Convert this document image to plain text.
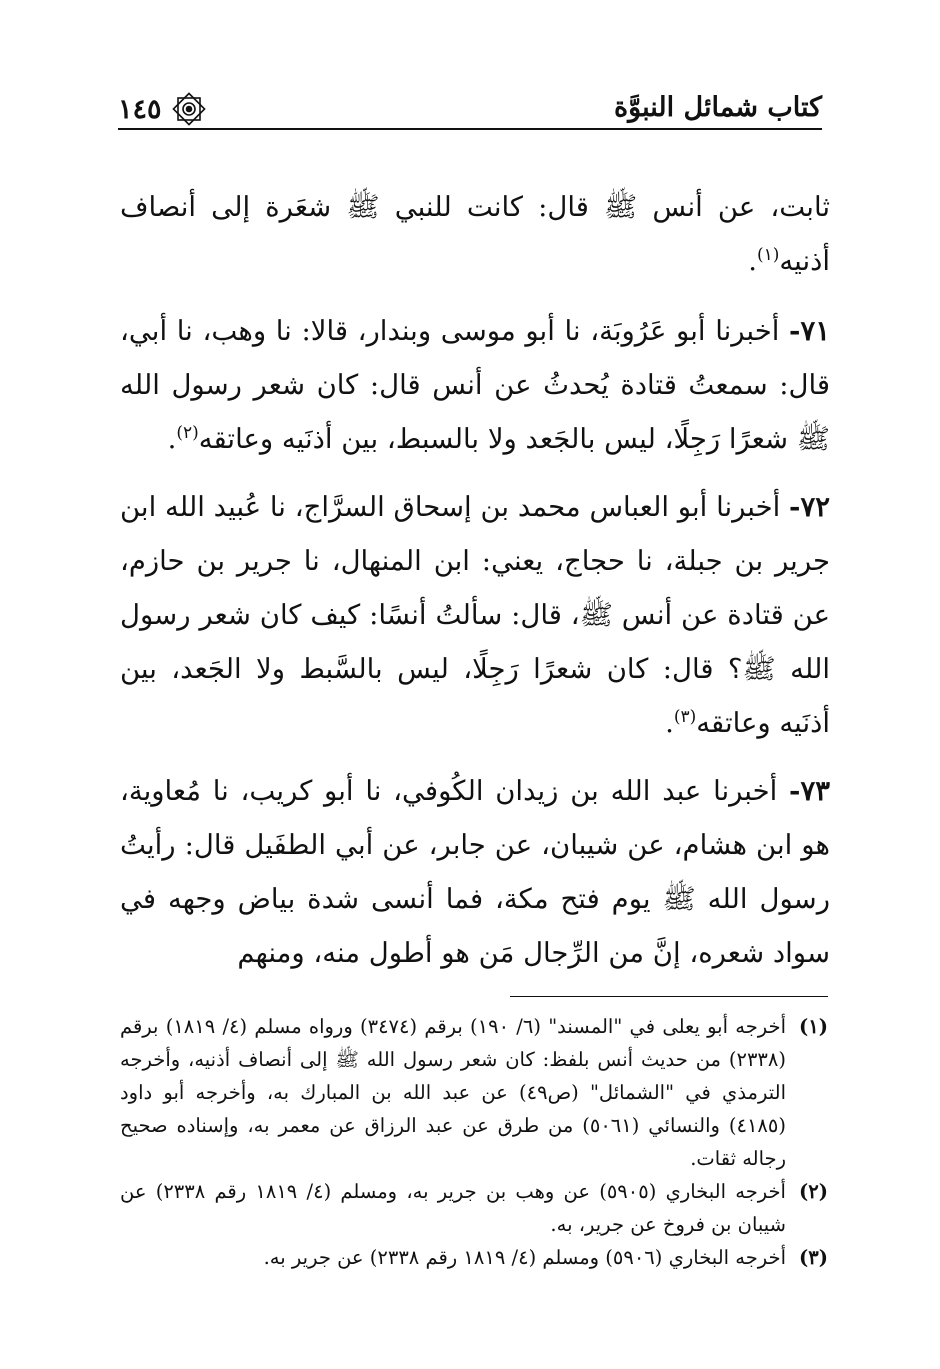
كتاب شمائل النبوَّة
١٤٥

ثابت، عن أنس ﷺ قال: كانت للنبي ﷺ شعَرة إلى أنصاف أذنيه$^{(١)}$.

٧١- أخبرنا أبو عَرُوبَة، نا أبو موسى وبندار، قالا: نا وهب، نا أبي، قال: سمعتُ قتادة يُحدثُ عن أنس قال: كان شعر رسول الله ﷺ شعرًا رَجِلًا، ليس بالجَعد ولا بالسبط، بين أذنَيه وعاتقه$^{(٢)}$.

٧٢- أخبرنا أبو العباس محمد بن إسحاق السرَّاج، نا عُبيد الله ابن جرير بن جبلة، نا حجاج، يعني: ابن المنهال، نا جرير بن حازم، عن قتادة عن أنس ﷺ، قال: سألتُ أنسًا: كيف كان شعر رسول الله ﷺ؟ قال: كان شعرًا رَجِلًا، ليس بالسَّبط ولا الجَعد، بين أذنَيه وعاتقه$^{(٣)}$.

٧٣- أخبرنا عبد الله بن زيدان الكُوفي، نا أبو كريب، نا مُعاوية، هو ابن هشام، عن شيبان، عن جابر، عن أبي الطفَيل قال: رأيتُ رسول الله ﷺ يوم فتح مكة، فما أنسى شدة بياض وجهه في سواد شعره، إنَّ من الرِّجال مَن هو أطول منه، ومنهم

(١)
أخرجه أبو يعلى في "المسند" (٦/ ١٩٠) برقم (٣٤٧٤) ورواه مسلم (٤/ ١٨١٩) برقم (٢٣٣٨) من حديث أنس بلفظ: كان شعر رسول الله ﷺ إلى أنصاف أذنيه، وأخرجه الترمذي في "الشمائل" (ص٤٩) عن عبد الله بن المبارك به، وأخرجه أبو داود (٤١٨٥) والنسائي (٥٠٦١) من طرق عن عبد الرزاق عن معمر به، وإسناده صحيح رجاله ثقات.
(٢)
أخرجه البخاري (٥٩٠٥) عن وهب بن جرير به، ومسلم (٤/ ١٨١٩ رقم ٢٣٣٨) عن شيبان بن فروخ عن جرير، به.
(٣)
أخرجه البخاري (٥٩٠٦) ومسلم (٤/ ١٨١٩ رقم ٢٣٣٨) عن جرير به.
